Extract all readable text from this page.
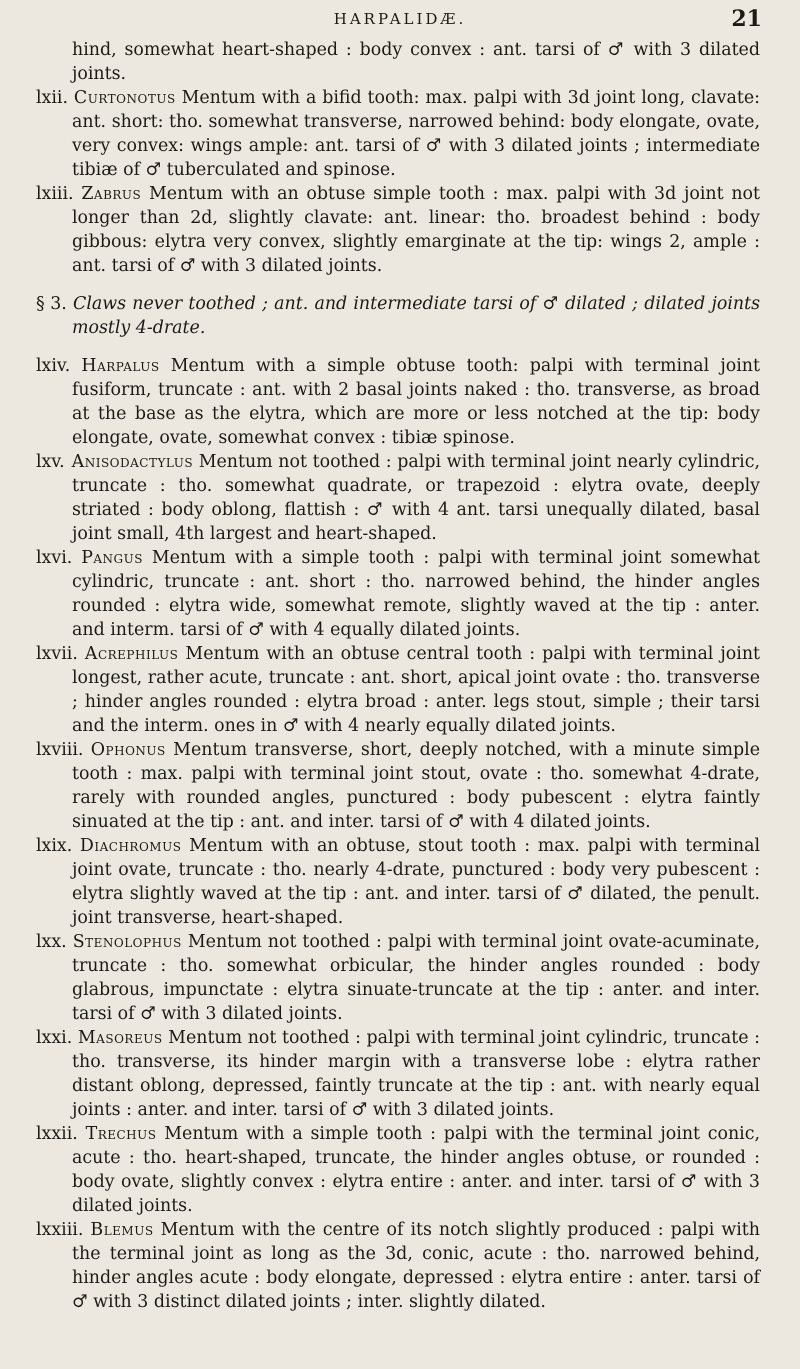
HARPALIDÆ.	21

hind, somewhat heart-shaped : body convex : ant. tarsi of ♂ with 3 dilated joints.

lxii. Curtonotus Mentum with a bifid tooth: max. palpi with 3d joint long, clavate: ant. short: tho. somewhat transverse, narrowed behind: body elongate, ovate, very convex: wings ample: ant. tarsi of ♂ with 3 dilated joints ; intermediate tibiæ of ♂ tuberculated and spinose.

lxiii. Zabrus Mentum with an obtuse simple tooth : max. palpi with 3d joint not longer than 2d, slightly clavate: ant. linear: tho. broadest behind : body gibbous: elytra very convex, slightly emarginate at the tip: wings 2, ample : ant. tarsi of ♂ with 3 dilated joints.

§ 3. Claws never toothed ; ant. and intermediate tarsi of ♂ dilated ; dilated joints mostly 4-drate.

lxiv. Harpalus Mentum with a simple obtuse tooth: palpi with terminal joint fusiform, truncate : ant. with 2 basal joints naked : tho. transverse, as broad at the base as the elytra, which are more or less notched at the tip: body elongate, ovate, somewhat convex : tibiæ spinose.

lxv. Anisodactylus Mentum not toothed : palpi with terminal joint nearly cylindric, truncate : tho. somewhat quadrate, or trapezoid : elytra ovate, deeply striated : body oblong, flattish : ♂ with 4 ant. tarsi unequally dilated, basal joint small, 4th largest and heart-shaped.

lxvi. Pangus Mentum with a simple tooth : palpi with terminal joint somewhat cylindric, truncate : ant. short : tho. narrowed behind, the hinder angles rounded : elytra wide, somewhat remote, slightly waved at the tip : anter. and interm. tarsi of ♂ with 4 equally dilated joints.

lxvii. Acrephilus Mentum with an obtuse central tooth : palpi with terminal joint longest, rather acute, truncate : ant. short, apical joint ovate : tho. transverse ; hinder angles rounded : elytra broad : anter. legs stout, simple ; their tarsi and the interm. ones in ♂ with 4 nearly equally dilated joints.

lxviii. Ophonus Mentum transverse, short, deeply notched, with a minute simple tooth : max. palpi with terminal joint stout, ovate : tho. somewhat 4-drate, rarely with rounded angles, punctured : body pubescent : elytra faintly sinuated at the tip : ant. and inter. tarsi of ♂ with 4 dilated joints.

lxix. Diachromus Mentum with an obtuse, stout tooth : max. palpi with terminal joint ovate, truncate : tho. nearly 4-drate, punctured : body very pubescent : elytra slightly waved at the tip : ant. and inter. tarsi of ♂ dilated, the penult. joint transverse, heart-shaped.

lxx. Stenolophus Mentum not toothed : palpi with terminal joint ovate-acuminate, truncate : tho. somewhat orbicular, the hinder angles rounded : body glabrous, impunctate : elytra sinuate-truncate at the tip : anter. and inter. tarsi of ♂ with 3 dilated joints.

lxxi. Masoreus Mentum not toothed : palpi with terminal joint cylindric, truncate : tho. transverse, its hinder margin with a transverse lobe : elytra rather distant oblong, depressed, faintly truncate at the tip : ant. with nearly equal joints : anter. and inter. tarsi of ♂ with 3 dilated joints.

lxxii. Trechus Mentum with a simple tooth : palpi with the terminal joint conic, acute : tho. heart-shaped, truncate, the hinder angles obtuse, or rounded : body ovate, slightly convex : elytra entire : anter. and inter. tarsi of ♂ with 3 dilated joints.

lxxiii. Blemus Mentum with the centre of its notch slightly produced : palpi with the terminal joint as long as the 3d, conic, acute : tho. narrowed behind, hinder angles acute : body elongate, depressed : elytra entire : anter. tarsi of ♂ with 3 distinct dilated joints ; inter. slightly dilated.
